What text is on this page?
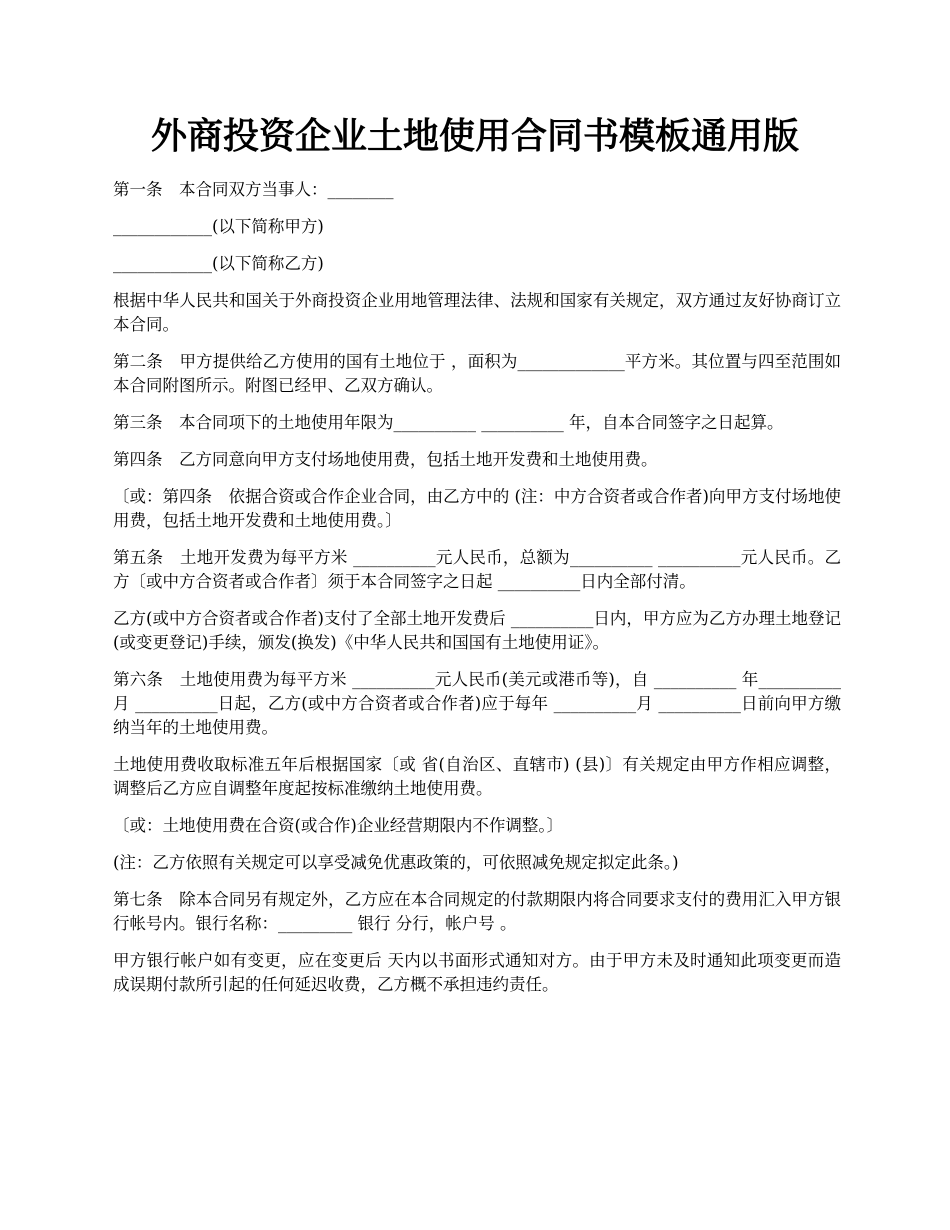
外商投资企业土地使用合同书模板通用版

第一条　本合同双方当事人：________

____________(以下简称甲方)

____________(以下简称乙方)

根据中华人民共和国关于外商投资企业用地管理法律、法规和国家有关规定，双方通过友好协商订立本合同。

第二条　甲方提供给乙方使用的国有土地位于 ，面积为_____________平方米。其位置与四至范围如本合同附图所示。附图已经甲、乙双方确认。

第三条　本合同项下的土地使用年限为__________ __________ 年，自本合同签字之日起算。

第四条　乙方同意向甲方支付场地使用费，包括土地开发费和土地使用费。

〔或：第四条　依据合资或合作企业合同，由乙方中的 (注：中方合资者或合作者)向甲方支付场地使用费，包括土地开发费和土地使用费。〕

第五条　土地开发费为每平方米 __________元人民币，总额为__________ __________元人民币。乙方〔或中方合资者或合作者〕须于本合同签字之日起 __________日内全部付清。

乙方(或中方合资者或合作者)支付了全部土地开发费后 __________日内，甲方应为乙方办理土地登记(或变更登记)手续，颁发(换发)《中华人民共和国国有土地使用证》。

第六条　土地使用费为每平方米 __________元人民币(美元或港币等)，自 __________ 年__________月 __________日起，乙方(或中方合资者或合作者)应于每年 __________月 __________日前向甲方缴纳当年的土地使用费。

土地使用费收取标准五年后根据国家〔或 省(自治区、直辖市) (县)〕有关规定由甲方作相应调整，调整后乙方应自调整年度起按标准缴纳土地使用费。

〔或：土地使用费在合资(或合作)企业经营期限内不作调整。〕

(注：乙方依照有关规定可以享受减免优惠政策的，可依照减免规定拟定此条。)

第七条　除本合同另有规定外，乙方应在本合同规定的付款期限内将合同要求支付的费用汇入甲方银行帐号内。银行名称：_________ 银行 分行，帐户号 。

甲方银行帐户如有变更，应在变更后 天内以书面形式通知对方。由于甲方未及时通知此项变更而造成误期付款所引起的任何延迟收费，乙方概不承担违约责任。
